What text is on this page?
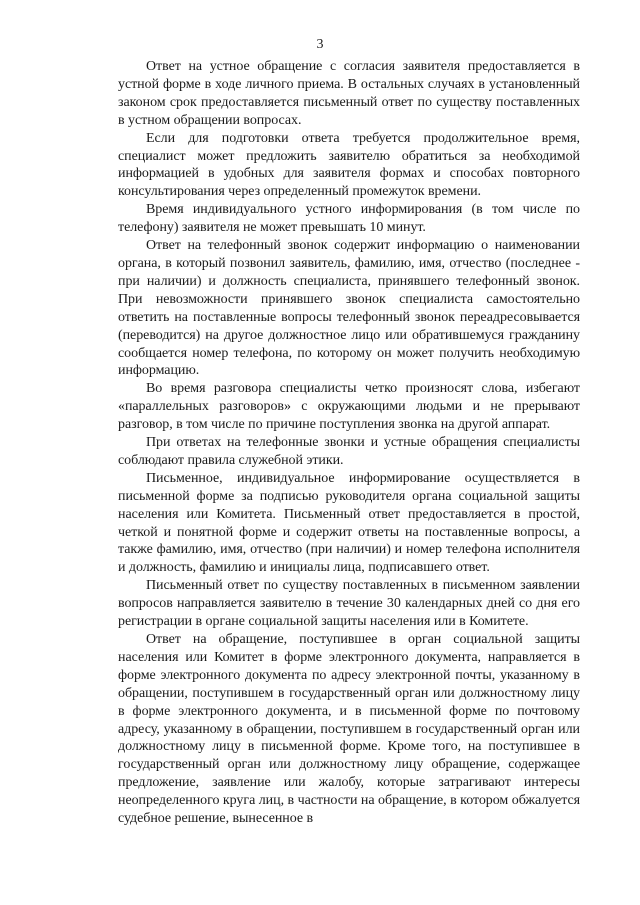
3

Ответ на устное обращение с согласия заявителя предоставляется в устной форме в ходе личного приема. В остальных случаях в установленный законом срок предоставляется письменный ответ по существу поставленных в устном обращении вопросах.

Если для подготовки ответа требуется продолжительное время, специалист может предложить заявителю обратиться за необходимой информацией в удобных для заявителя формах и способах повторного консультирования через определенный промежуток времени.

Время индивидуального устного информирования (в том числе по телефону) заявителя не может превышать 10 минут.

Ответ на телефонный звонок содержит информацию о наименовании органа, в который позвонил заявитель, фамилию, имя, отчество (последнее - при наличии) и должность специалиста, принявшего телефонный звонок. При невозможности принявшего звонок специалиста самостоятельно ответить на поставленные вопросы телефонный звонок переадресовывается (переводится) на другое должностное лицо или обратившемуся гражданину сообщается номер телефона, по которому он может получить необходимую информацию.

Во время разговора специалисты четко произносят слова, избегают «параллельных разговоров» с окружающими людьми и не прерывают разговор, в том числе по причине поступления звонка на другой аппарат.

При ответах на телефонные звонки и устные обращения специалисты соблюдают правила служебной этики.

Письменное, индивидуальное информирование осуществляется в письменной форме за подписью руководителя органа социальной защиты населения или Комитета. Письменный ответ предоставляется в простой, четкой и понятной форме и содержит ответы на поставленные вопросы, а также фамилию, имя, отчество (при наличии) и номер телефона исполнителя и должность, фамилию и инициалы лица, подписавшего ответ.

Письменный ответ по существу поставленных в письменном заявлении вопросов направляется заявителю в течение 30 календарных дней со дня его регистрации в органе социальной защиты населения или в Комитете.

Ответ на обращение, поступившее в орган социальной защиты населения или Комитет в форме электронного документа, направляется в форме электронного документа по адресу электронной почты, указанному в обращении, поступившем в государственный орган или должностному лицу в форме электронного документа, и в письменной форме по почтовому адресу, указанному в обращении, поступившем в государственный орган или должностному лицу в письменной форме. Кроме того, на поступившее в государственный орган или должностному лицу обращение, содержащее предложение, заявление или жалобу, которые затрагивают интересы неопределенного круга лиц, в частности на обращение, в котором обжалуется судебное решение, вынесенное в
